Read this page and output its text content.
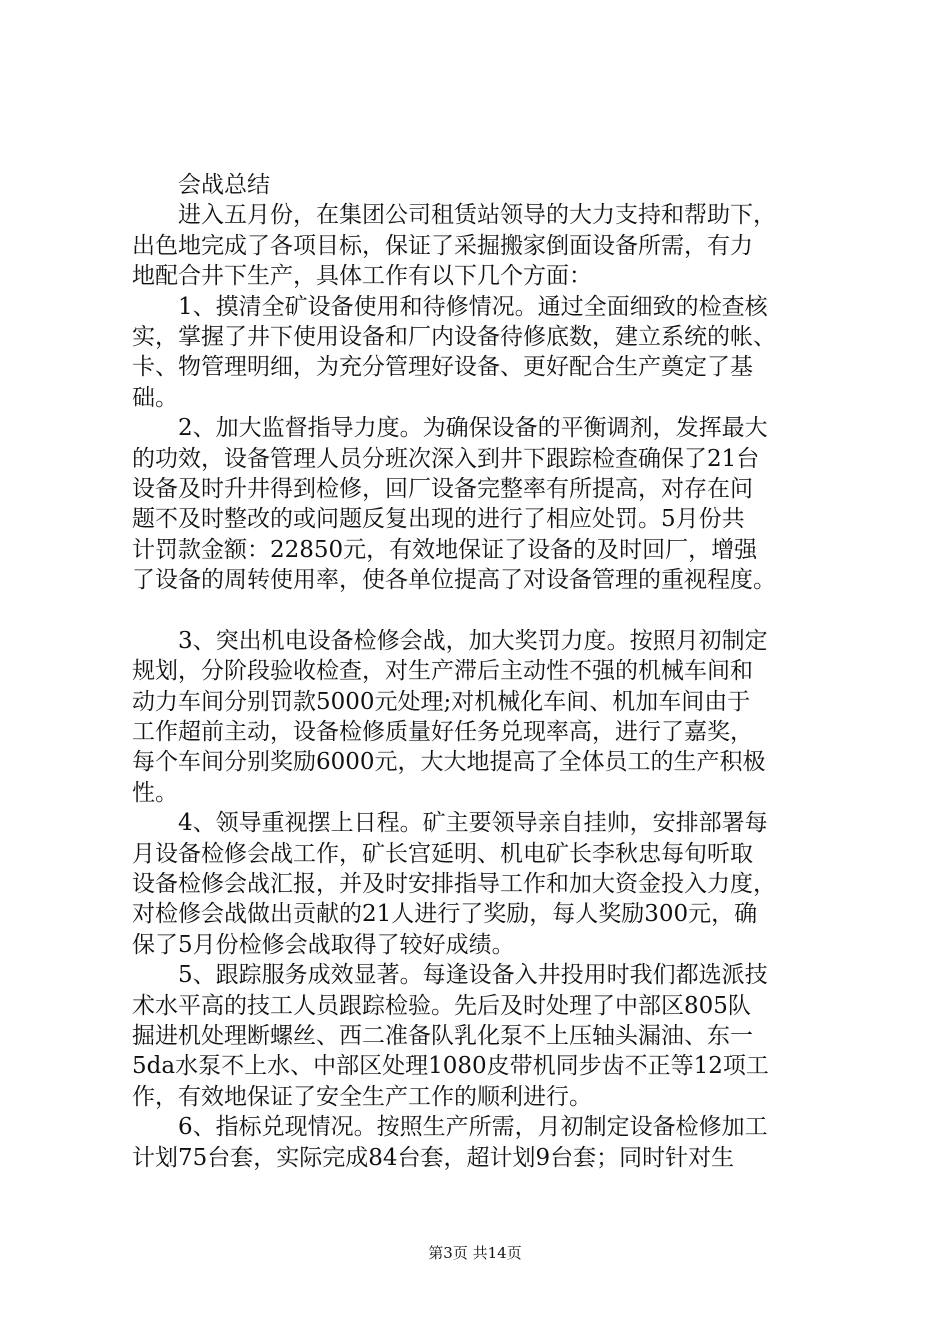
　　会战总结
　　进入五月份，在集团公司租赁站领导的大力支持和帮助下，
出色地完成了各项目标，保证了采掘搬家倒面设备所需，有力
地配合井下生产，具体工作有以下几个方面：
　　1、摸清全矿设备使用和待修情况。通过全面细致的检查核
实，掌握了井下使用设备和厂内设备待修底数，建立系统的帐、
卡、物管理明细，为充分管理好设备、更好配合生产奠定了基
础。
　　2、加大监督指导力度。为确保设备的平衡调剂，发挥最大
的功效，设备管理人员分班次深入到井下跟踪检查确保了21台
设备及时升井得到检修，回厂设备完整率有所提高，对存在问
题不及时整改的或问题反复出现的进行了相应处罚。5月份共
计罚款金额：22850元，有效地保证了设备的及时回厂，增强
了设备的周转使用率，使各单位提高了对设备管理的重视程度。
　　3、突出机电设备检修会战，加大奖罚力度。按照月初制定
规划，分阶段验收检查，对生产滞后主动性不强的机械车间和
动力车间分别罚款5000元处理;对机械化车间、机加车间由于
工作超前主动，设备检修质量好任务兑现率高，进行了嘉奖，
每个车间分别奖励6000元，大大地提高了全体员工的生产积极
性。
　　4、领导重视摆上日程。矿主要领导亲自挂帅，安排部署每
月设备检修会战工作，矿长宫延明、机电矿长李秋忠每旬听取
设备检修会战汇报，并及时安排指导工作和加大资金投入力度，
对检修会战做出贡献的21人进行了奖励，每人奖励300元，确
保了5月份检修会战取得了较好成绩。
　　5、跟踪服务成效显著。每逢设备入井投用时我们都选派技
术水平高的技工人员跟踪检验。先后及时处理了中部区805队
掘进机处理断螺丝、西二准备队乳化泵不上压轴头漏油、东一
5da水泵不上水、中部区处理1080皮带机同步齿不正等12项工
作，有效地保证了安全生产工作的顺利进行。
　　6、指标兑现情况。按照生产所需，月初制定设备检修加工
计划75台套，实际完成84台套，超计划9台套；同时针对生
第3页 共14页
